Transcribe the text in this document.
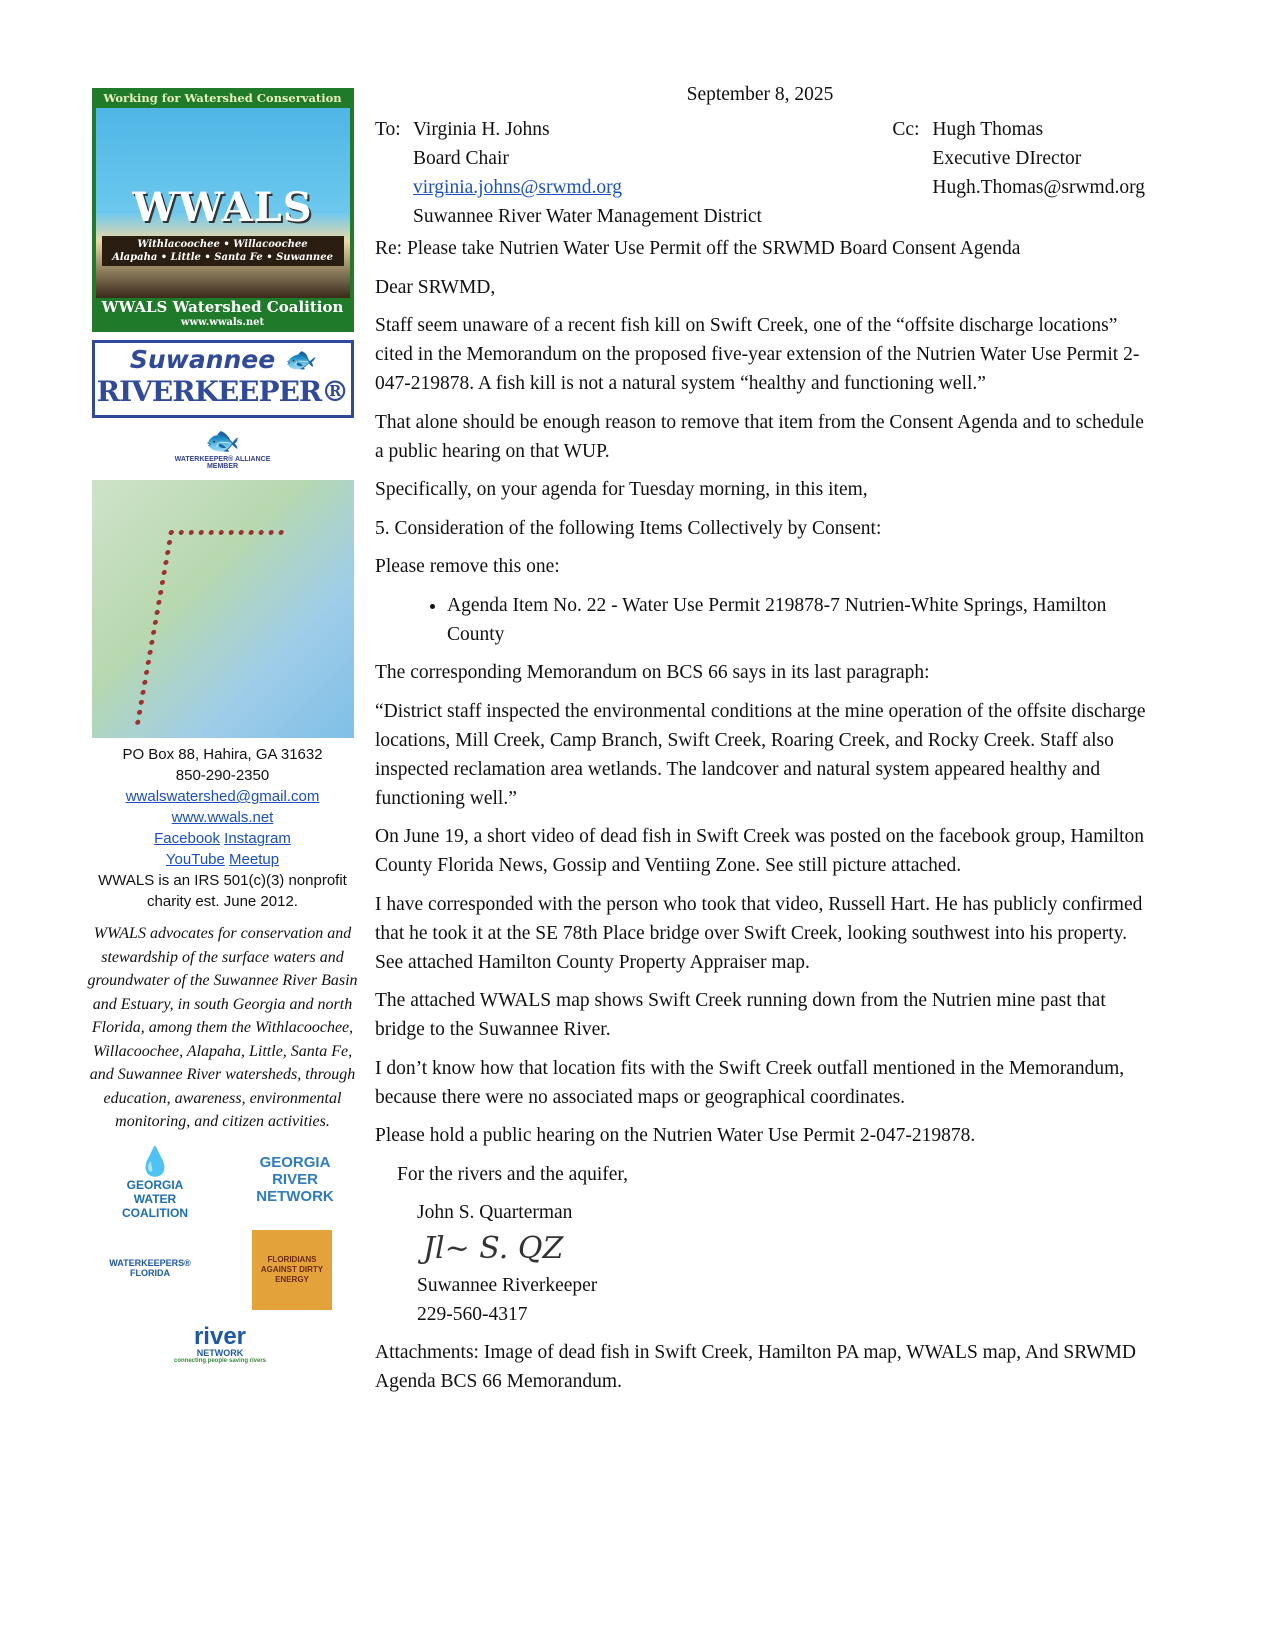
Working for Watershed Conservation
WWALS
Withlacoochee • Willacoochee
Alapaha • Little • Santa Fe • Suwannee
WWALS Watershed Coalition
www.wwals.net
Suwannee 🐟
RIVERKEEPER®
🐟
WATERKEEPER® ALLIANCE
MEMBER
PO Box 88, Hahira, GA 31632
850-290-2350
wwalswatershed@gmail.com
www.wwals.net
Facebook Instagram
YouTube Meetup
WWALS is an IRS 501(c)(3) nonprofit charity est. June 2012.
WWALS advocates for conservation and stewardship of the surface waters and groundwater of the Suwannee River Basin and Estuary, in south Georgia and north Florida, among them the Withlacoochee, Willacoochee, Alapaha, Little, Santa Fe, and Suwannee River watersheds, through education, awareness, environmental monitoring, and citizen activities.
💧
GEORGIA WATER COALITION
GEORGIA RIVER NETWORK
WATERKEEPERS® FLORIDA
FLORIDIANS AGAINST DIRTY ENERGY
river
NETWORK
connecting people·saving rivers
September 8, 2025
To: Virginia H. Johns
Board Chair
virginia.johns@srwmd.org
Suwannee River Water Management District
Cc: Hugh Thomas
Executive DIrector
Hugh.Thomas@srwmd.org

Re: Please take Nutrien Water Use Permit off the SRWMD Board Consent Agenda

Dear SRWMD,

Staff seem unaware of a recent fish kill on Swift Creek, one of the “offsite discharge locations” cited in the Memorandum on the proposed five-year extension of the Nutrien Water Use Permit 2-047-219878. A fish kill is not a natural system “healthy and functioning well.”

That alone should be enough reason to remove that item from the Consent Agenda and to schedule a public hearing on that WUP.

Specifically, on your agenda for Tuesday morning, in this item,

5. Consideration of the following Items Collectively by Consent:

Please remove this one:

• Agenda Item No. 22 - Water Use Permit 219878-7 Nutrien-White Springs, Hamilton County

The corresponding Memorandum on BCS 66 says in its last paragraph:

“District staff inspected the environmental conditions at the mine operation of the offsite discharge locations, Mill Creek, Camp Branch, Swift Creek, Roaring Creek, and Rocky Creek. Staff also inspected reclamation area wetlands. The landcover and natural system appeared healthy and functioning well.”

On June 19, a short video of dead fish in Swift Creek was posted on the facebook group, Hamilton County Florida News, Gossip and Ventiing Zone. See still picture attached.

I have corresponded with the person who took that video, Russell Hart. He has publicly confirmed that he took it at the SE 78th Place bridge over Swift Creek, looking southwest into his property. See attached Hamilton County Property Appraiser map.

The attached WWALS map shows Swift Creek running down from the Nutrien mine past that bridge to the Suwannee River.

I don’t know how that location fits with the Swift Creek outfall mentioned in the Memorandum, because there were no associated maps or geographical coordinates.

Please hold a public hearing on the Nutrien Water Use Permit 2-047-219878.

For the rivers and the aquifer,

John S. Quarterman
Jl~ S. QZ
Suwannee Riverkeeper
229-560-4317

Attachments: Image of dead fish in Swift Creek, Hamilton PA map, WWALS map, And SRWMD Agenda BCS 66 Memorandum.
